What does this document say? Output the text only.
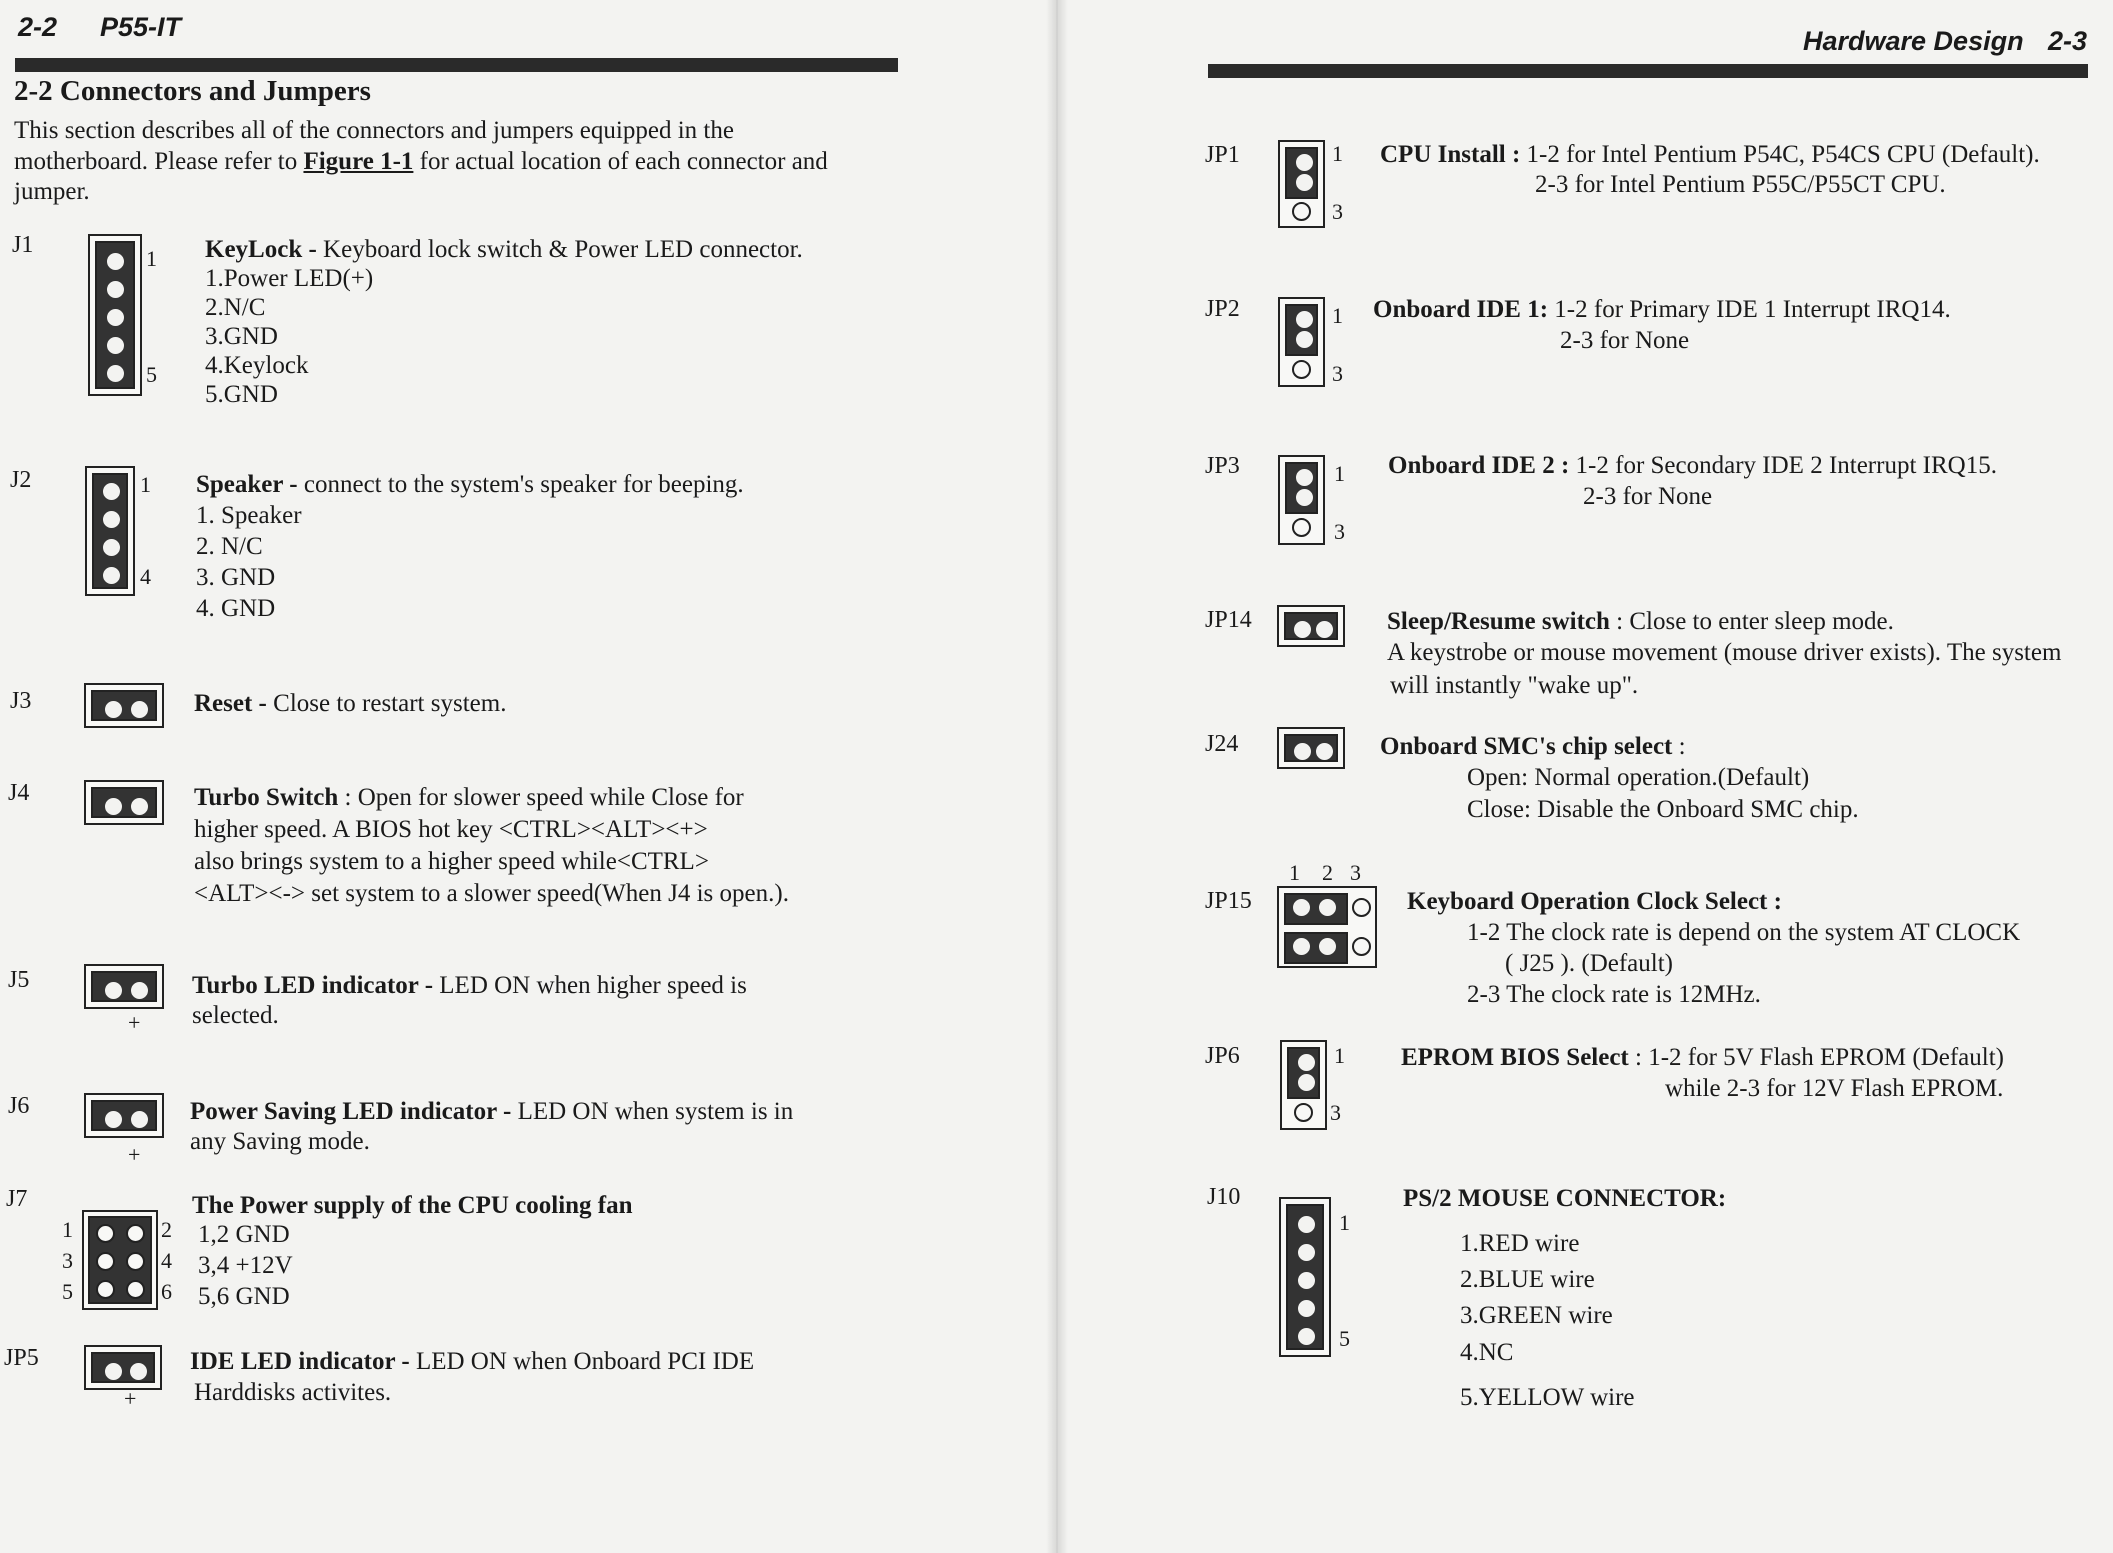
2-2 P55-IT
2-2 Connectors and Jumpers
This section describes all of the connectors and jumpers equipped in the
motherboard. Please refer to Figure 1-1 for actual location of each connector and
jumper.
J1
1
5
KeyLock - Keyboard lock switch & Power LED connector.
1.Power LED(+)
2.N/C
3.GND
4.Keylock
5.GND
J2	1
4
Speaker - connect to the system's speaker for beeping.
1. Speaker
2. N/C
3. GND
4. GND
J3	Reset - Close to restart system.
J4	Turbo Switch : Open for slower speed while Close for
higher speed. A BIOS hot key <CTRL><ALT><+>
also brings system to a higher speed while<CTRL>
<ALT><-> set system to a slower speed(When J4 is open.).
J5
+
Turbo LED indicator - LED ON when higher speed is
selected.
J6
+
Power Saving LED indicator - LED ON when system is in
any Saving mode.
J7
1
3
5
2
4
6
The Power supply of the CPU cooling fan
1,2 GND
3,4 +12V
5,6 GND
JP5
+
IDE LED indicator - LED ON when Onboard PCI IDE
Harddisks activites.
Hardware Design 2-3
JP1	1
3
CPU Install : 1-2 for Intel Pentium P54C, P54CS CPU (Default).
2-3 for Intel Pentium P55C/P55CT CPU.
JP2	1
3
Onboard IDE 1: 1-2 for Primary IDE 1 Interrupt IRQ14.
2-3 for None
JP3	1
3
Onboard IDE 2 : 1-2 for Secondary IDE 2 Interrupt IRQ15.
2-3 for None
JP14	Sleep/Resume switch : Close to enter sleep mode.
A keystrobe or mouse movement (mouse driver exists). The system
will instantly "wake up".
J24	Onboard SMC's chip select :
Open: Normal operation.(Default)
Close: Disable the Onboard SMC chip.
JP15
1 2 3
Keyboard Operation Clock Select :
1-2 The clock rate is depend on the system AT CLOCK
( J25 ). (Default)
2-3 The clock rate is 12MHz.
JP6	1
3
EPROM BIOS Select : 1-2 for 5V Flash EPROM (Default)
while 2-3 for 12V Flash EPROM.
J10
1
5
PS/2 MOUSE CONNECTOR:
1.RED wire
2.BLUE wire
3.GREEN wire
4.NC
5.YELLOW wire
